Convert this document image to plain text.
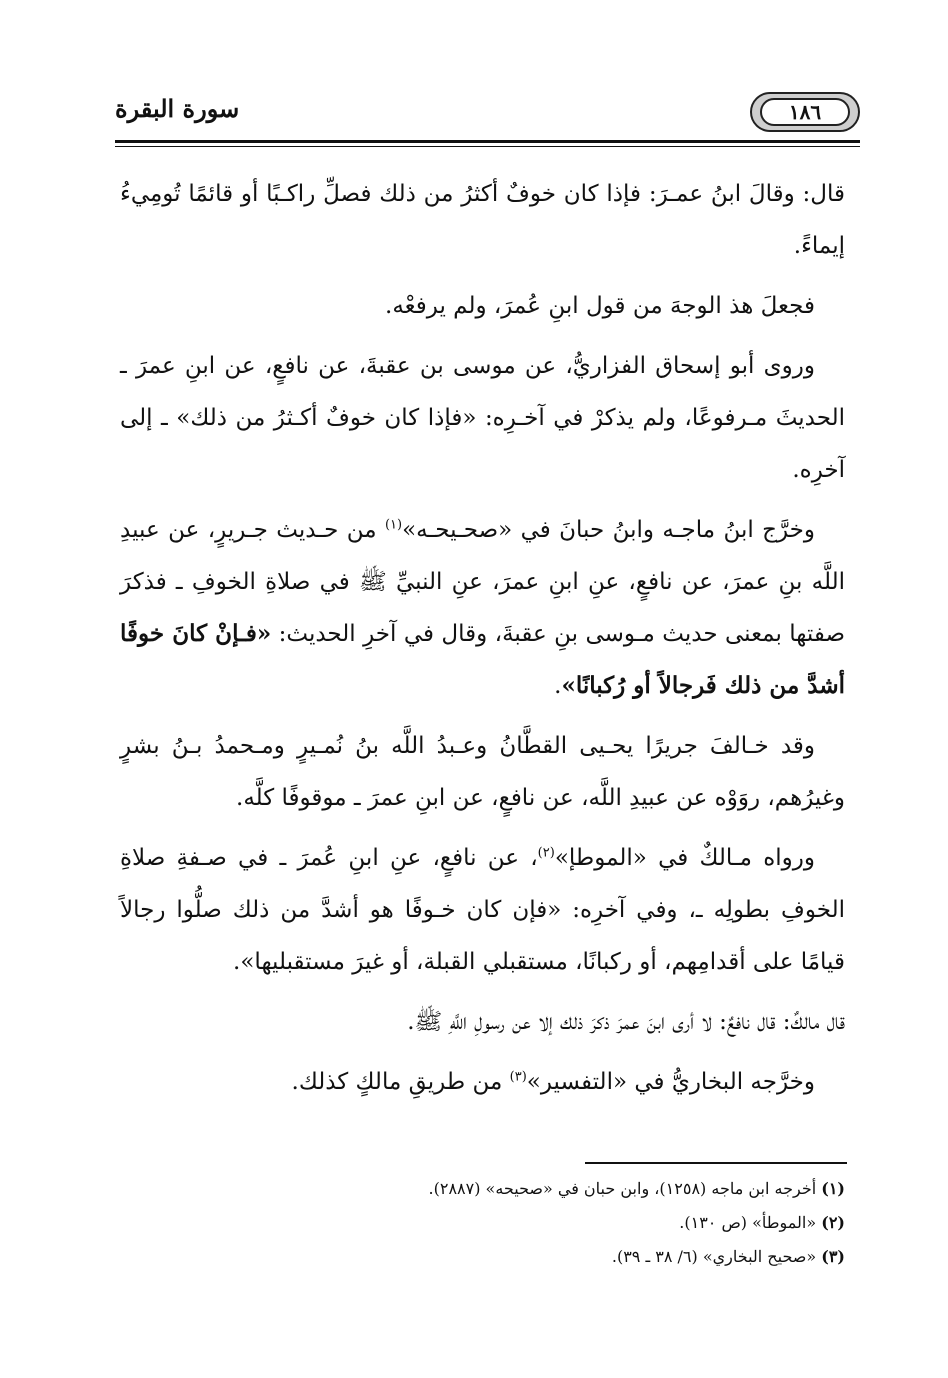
سورة البقرة	١٨٦

قال: وقالَ ابنُ عمـرَ: فإذا كان خوفٌ أكثرُ من ذلك فصلِّ راكـبًا أو قائمًا تُومِيءُ إيماءً.

فجعلَ هذ الوجهَ من قول ابنِ عُمرَ، ولم يرفعْه.

وروى أبو إسحاق الفزاريُّ، عن موسى بن عقبةَ، عن نافعٍ، عن ابنِ عمرَ ـ الحديثَ مـرفوعًا، ولم يذكرْ في آخـرِه: «فإذا كان خوفٌ أكـثرُ من ذلك» ـ إلى آخرِه.

وخرَّج ابنُ ماجـه وابنُ حبانَ في «صحـيحـه»$^{(١)}$ من حـديث جـريرٍ، عن عبيدِ اللَّه بنِ عمرَ، عن نافعٍ، عنِ ابنِ عمرَ، عنِ النبيِّ ﷺ في صلاةِ الخوفِ ـ فذكرَ صفتها بمعنى حديث مـوسى بنِ عقبةَ، وقال في آخرِ الحديث: «فـإنْ كانَ خوفًا أشدَّ من ذلك فَرجالاً أو رُكبانًا».

وقد خـالفَ جريرًا يحـيى القطَّانُ وعـبدُ اللَّه بنُ نُمـيرٍ ومـحمدُ بـنُ بشرٍ وغيرُهم، روَوْه عن عبيدِ اللَّه، عن نافعٍ، عن ابنِ عمرَ ـ موقوفًا كلَّه.

ورواه مـالكٌ في «الموطإ»$^{(٢)}$، عن نافعٍ، عنِ ابنِ عُمرَ ـ في صـفةِ صلاةِ الخوفِ بطولِه ـ، وفي آخرِه: «فإن كان خـوفًا هو أشدَّ من ذلك صلُّوا رجالاً قيامًا على أقدامِهم، أو ركبانًا، مستقبلي القبلة، أو غيرَ مستقبليها».

قال مالكٌ: قال نافعٌ: لا أرى ابنَ عمرَ ذكرَ ذلك إلا عن رسولِ اللَّهِ ﷺ.

وخرَّجه البخاريُّ في «التفسير»$^{(٣)}$ من طريقِ مالكٍ كذلك.

(١) أخرجه ابن ماجه (١٢٥٨)، وابن حبان في «صحيحه» (٢٨٨٧).
(٢) «الموطأ» (ص ١٣٠).
(٣) «صحيح البخاري» (٦/ ٣٨ ـ ٣٩).
